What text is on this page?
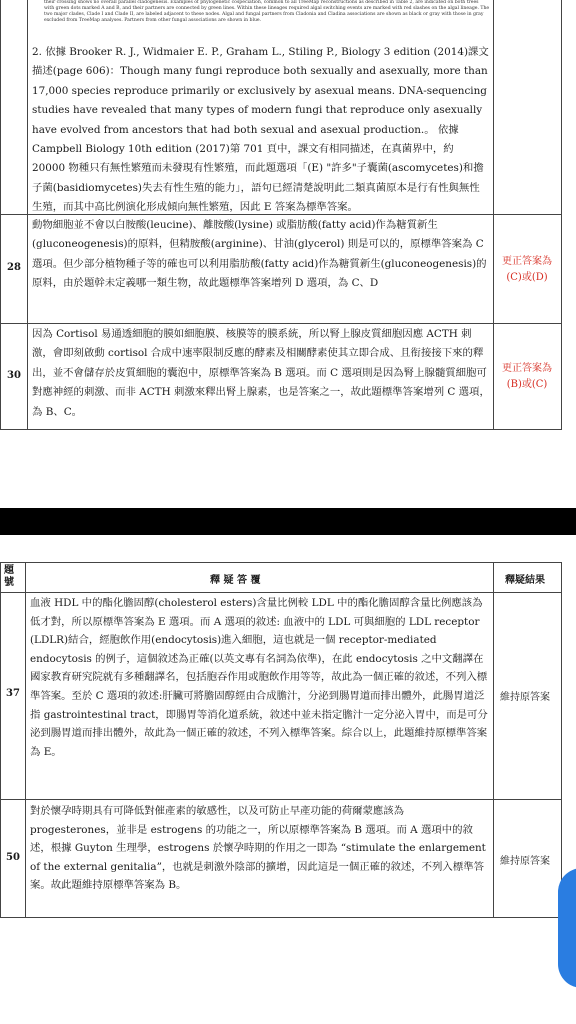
their crossing shows no overall parallel cladogenesis. Examples of phylogenetic cospeciation, common to all TreeMap reconstructions as described in Table 2, are indicated on both trees with green dots marked A and B, and their partners are connected by green lines. Within these lineages required algal switching events are marked with red slashes on the algal lineage. The two major clades, Clade I and Clade II, are labeled adjacent to these nodes. Algal and fungal partners from Cladonia and Cladina associations are shown as black or gray with those in gray excluded from TreeMap analyses. Partners from other fungal associations are shown in blue.
2. 依據 Brooker R. J., Widmaier E. P., Graham L., Stiling P., Biology 3 edition (2014)課文描述(page 606)：Though many fungi reproduce both sexually and asexually, more than 17,000 species reproduce primarily or exclusively by asexual means. DNA-sequencing studies have revealed that many types of modern fungi that reproduce only asexually have evolved from ancestors that had both sexual and asexual production.。 依據 Campbell Biology 10th edition (2017)第 701 頁中，課文有相同描述，在真菌界中，約 20000 物種只有無性繁殖而未發現有性繁殖，而此題選項「(E) "許多"子囊菌(ascomycetes)和擔子菌(basidiomycetes)失去有性生殖的能力」，語句已經清楚說明此二類真菌原本是行有性與無性生殖，而其中高比例演化形成傾向無性繁殖，因此 E 答案為標準答案。
28
動物細胞並不會以白胺酸(leucine)、離胺酸(lysine) 或脂肪酸(fatty acid)作為糖質新生(gluconeogenesis)的原料，但精胺酸(arginine)、甘油(glycerol) 則是可以的，原標準答案為 C 選項。但少部分植物種子等的確也可以利用脂肪酸(fatty acid)作為糖質新生(gluconeogenesis)的原料，由於題幹未定義哪一類生物，故此題標準答案增列 D 選項，為 C、D
更正答案為
(C)或(D)
30
因為 Cortisol 易通透細胞的膜如細胞膜、核膜等的膜系統，所以腎上腺皮質細胞因應 ACTH 刺激，會即刻啟動 cortisol 合成中速率限制反應的酵素及相關酵素使其立即合成、且衔接接下來的釋出，並不會儲存於皮質細胞的囊泡中，原標準答案為 B 選項。而 C 選項則是因為腎上腺髓質細胞可對應神經的刺激、而非 ACTH 刺激來釋出腎上腺素，也是答案之一，故此題標準答案增列 C 選項，為 B、C。
更正答案為
(B)或(C)
題號	釋 疑 答 覆	釋疑結果
37
血液 HDL 中的酯化膽固醇(cholesterol esters)含量比例較 LDL 中的酯化膽固醇含量比例應該為低才對，所以原標準答案為 E 選項。而 A 選項的敘述: 血液中的 LDL 可與細胞的 LDL receptor (LDLR)結合，經胞飲作用(endocytosis)進入細胞，這也就是一個 receptor-mediated endocytosis 的例子，這個敘述為正確(以英文專有名詞為依準)，在此 endocytosis 之中文翻譯在國家教育研究院就有多種翻譯名，包括胞吞作用或胞飲作用等等，故此為一個正確的敘述，不列入標準答案。至於 C 選項的敘述:肝臟可將膽固醇經由合成膽汁，分泌到腸胃道而排出體外，此腸胃道泛指 gastrointestinal tract，即腸胃等消化道系統，敘述中並未指定膽汁一定分泌入胃中，而是可分泌到腸胃道而排出體外，故此為一個正確的敘述，不列入標準答案。綜合以上，此題維持原標準答案為 E。
維持原答案
50
對於懷孕時期具有可降低對催產素的敏感性，以及可防止早產功能的荷爾蒙應該為 progesterones，並非是 estrogens 的功能之一，所以原標準答案為 B 選項。而 A 選項中的敘述，根據 Guyton 生理學，estrogens 於懷孕時期的作用之一即為 “stimulate the enlargement of the external genitalia”，也就是刺激外陰部的擴增，因此這是一個正確的敘述，不列入標準答案。故此題維持原標準答案為 B。
維持原答案
